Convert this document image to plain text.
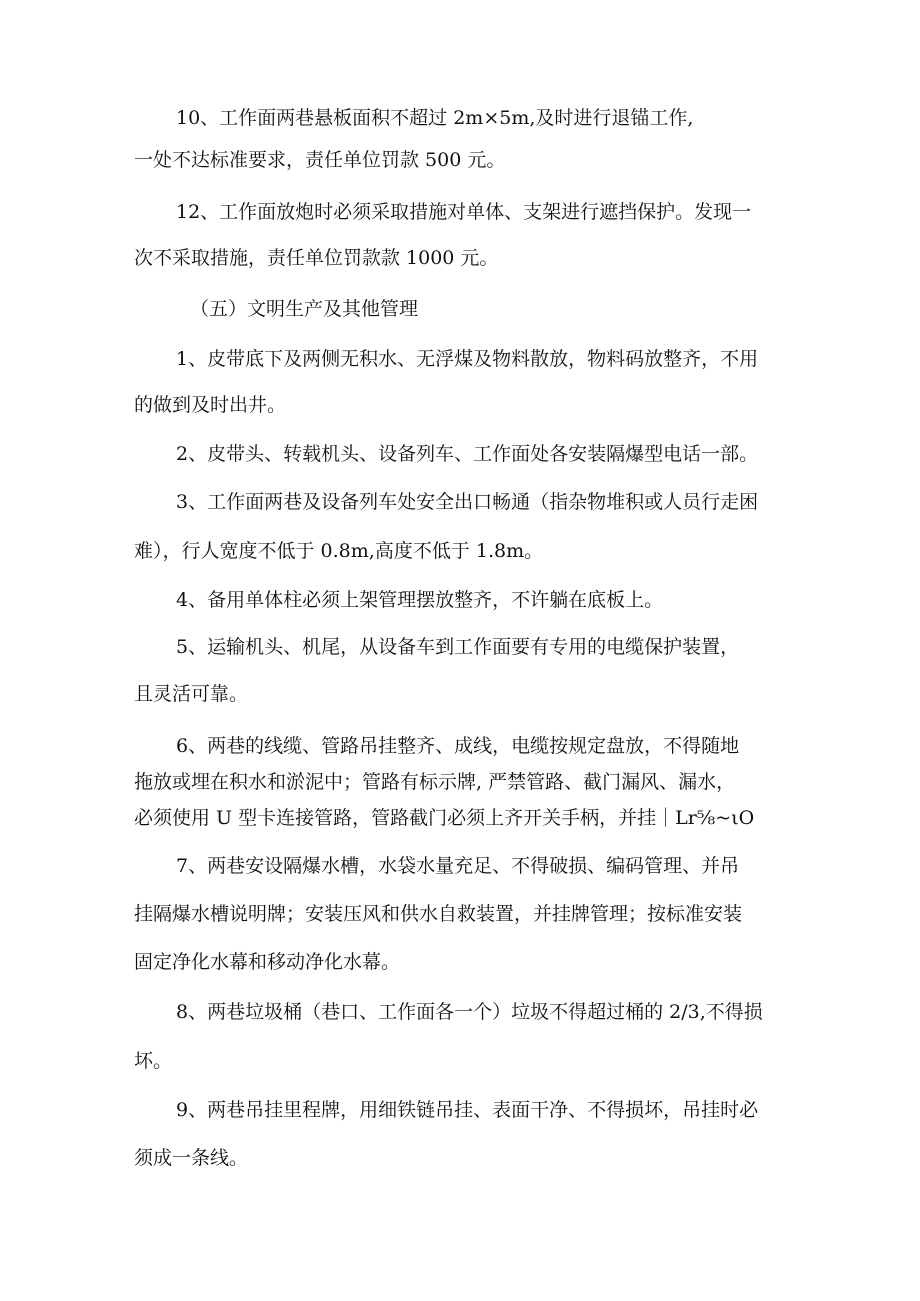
10、工作面两巷悬板面积不超过 2m×5m,及时进行退锚工作,

一处不达标准要求，责任单位罚款 500 元。

12、工作面放炮时必须采取措施对单体、支架进行遮挡保护。发现一

次不采取措施，责任单位罚款款 1000 元。

（五）文明生产及其他管理

1、皮带底下及两侧无积水、无浮煤及物料散放，物料码放整齐，不用

的做到及时出井。

2、皮带头、转载机头、设备列车、工作面处各安装隔爆型电话一部。

3、工作面两巷及设备列车处安全出口畅通（指杂物堆积或人员行走困

难），行人宽度不低于 0.8m,高度不低于 1.8m。

4、备用单体柱必须上架管理摆放整齐，不许躺在底板上。

5、运输机头、机尾，从设备车到工作面要有专用的电缆保护装置，

且灵活可靠。

6、两巷的线缆、管路吊挂整齐、成线，电缆按规定盘放，不得随地

拖放或埋在积水和淤泥中；管路有标示牌, 严禁管路、截门漏风、漏水，

必须使用 U 型卡连接管路，管路截门必须上齐开关手柄，并挂｜Lr⅝~ιO

7、两巷安设隔爆水槽，水袋水量充足、不得破损、编码管理、并吊

挂隔爆水槽说明牌；安装压风和供水自救装置，并挂牌管理；按标准安装

固定净化水幕和移动净化水幕。

8、两巷垃圾桶（巷口、工作面各一个）垃圾不得超过桶的 2/3,不得损

坏。

9、两巷吊挂里程牌，用细铁链吊挂、表面干净、不得损坏，吊挂时必

须成一条线。
